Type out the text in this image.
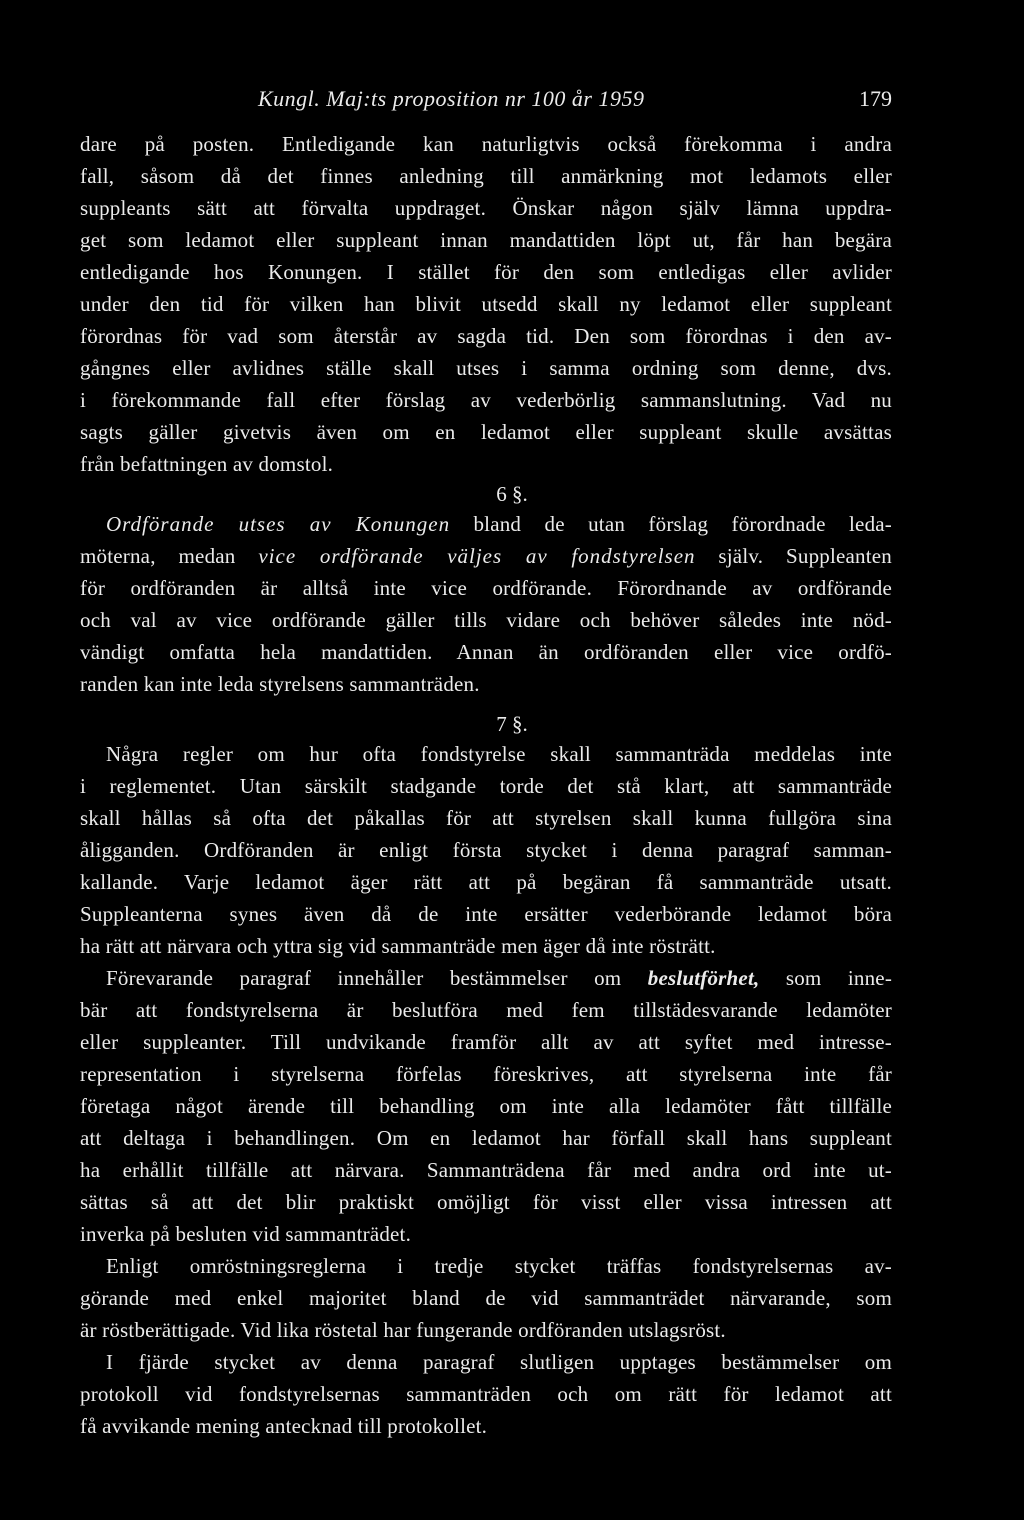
Kungl. Maj:ts proposition nr 100 år 1959	179
dare på posten. Entledigande kan naturligtvis också förekomma i andra
fall, såsom då det finnes anledning till anmärkning mot ledamots eller
suppleants sätt att förvalta uppdraget. Önskar någon själv lämna uppdra-
get som ledamot eller suppleant innan mandattiden löpt ut, får han begära
entledigande hos Konungen. I stället för den som entledigas eller avlider
under den tid för vilken han blivit utsedd skall ny ledamot eller suppleant
förordnas för vad som återstår av sagda tid. Den som förordnas i den av-
gångnes eller avlidnes ställe skall utses i samma ordning som denne, dvs.
i förekommande fall efter förslag av vederbörlig sammanslutning. Vad nu
sagts gäller givetvis även om en ledamot eller suppleant skulle avsättas
från befattningen av domstol.
6 §.
Ordförande utses av Konungen bland de utan förslag förordnade leda-
möterna, medan vice ordförande väljes av fondstyrelsen själv. Suppleanten
för ordföranden är alltså inte vice ordförande. Förordnande av ordförande
och val av vice ordförande gäller tills vidare och behöver således inte nöd-
vändigt omfatta hela mandattiden. Annan än ordföranden eller vice ordfö-
randen kan inte leda styrelsens sammanträden.
7 §.
Några regler om hur ofta fondstyrelse skall sammanträda meddelas inte
i reglementet. Utan särskilt stadgande torde det stå klart, att sammanträde
skall hållas så ofta det påkallas för att styrelsen skall kunna fullgöra sina
åligganden. Ordföranden är enligt första stycket i denna paragraf samman-
kallande. Varje ledamot äger rätt att på begäran få sammanträde utsatt.
Suppleanterna synes även då de inte ersätter vederbörande ledamot böra
ha rätt att närvara och yttra sig vid sammanträde men äger då inte rösträtt.
Förevarande paragraf innehåller bestämmelser om beslutförhet, som inne-
bär att fondstyrelserna är beslutföra med fem tillstädesvarande ledamöter
eller suppleanter. Till undvikande framför allt av att syftet med intresse-
representation i styrelserna förfelas föreskrives, att styrelserna inte får
företaga något ärende till behandling om inte alla ledamöter fått tillfälle
att deltaga i behandlingen. Om en ledamot har förfall skall hans suppleant
ha erhållit tillfälle att närvara. Sammanträdena får med andra ord inte ut-
sättas så att det blir praktiskt omöjligt för visst eller vissa intressen att
inverka på besluten vid sammanträdet.
Enligt omröstningsreglerna i tredje stycket träffas fondstyrelsernas av-
görande med enkel majoritet bland de vid sammanträdet närvarande, som
är röstberättigade. Vid lika röstetal har fungerande ordföranden utslagsröst.
I fjärde stycket av denna paragraf slutligen upptages bestämmelser om
protokoll vid fondstyrelsernas sammanträden och om rätt för ledamot att
få avvikande mening antecknad till protokollet.
